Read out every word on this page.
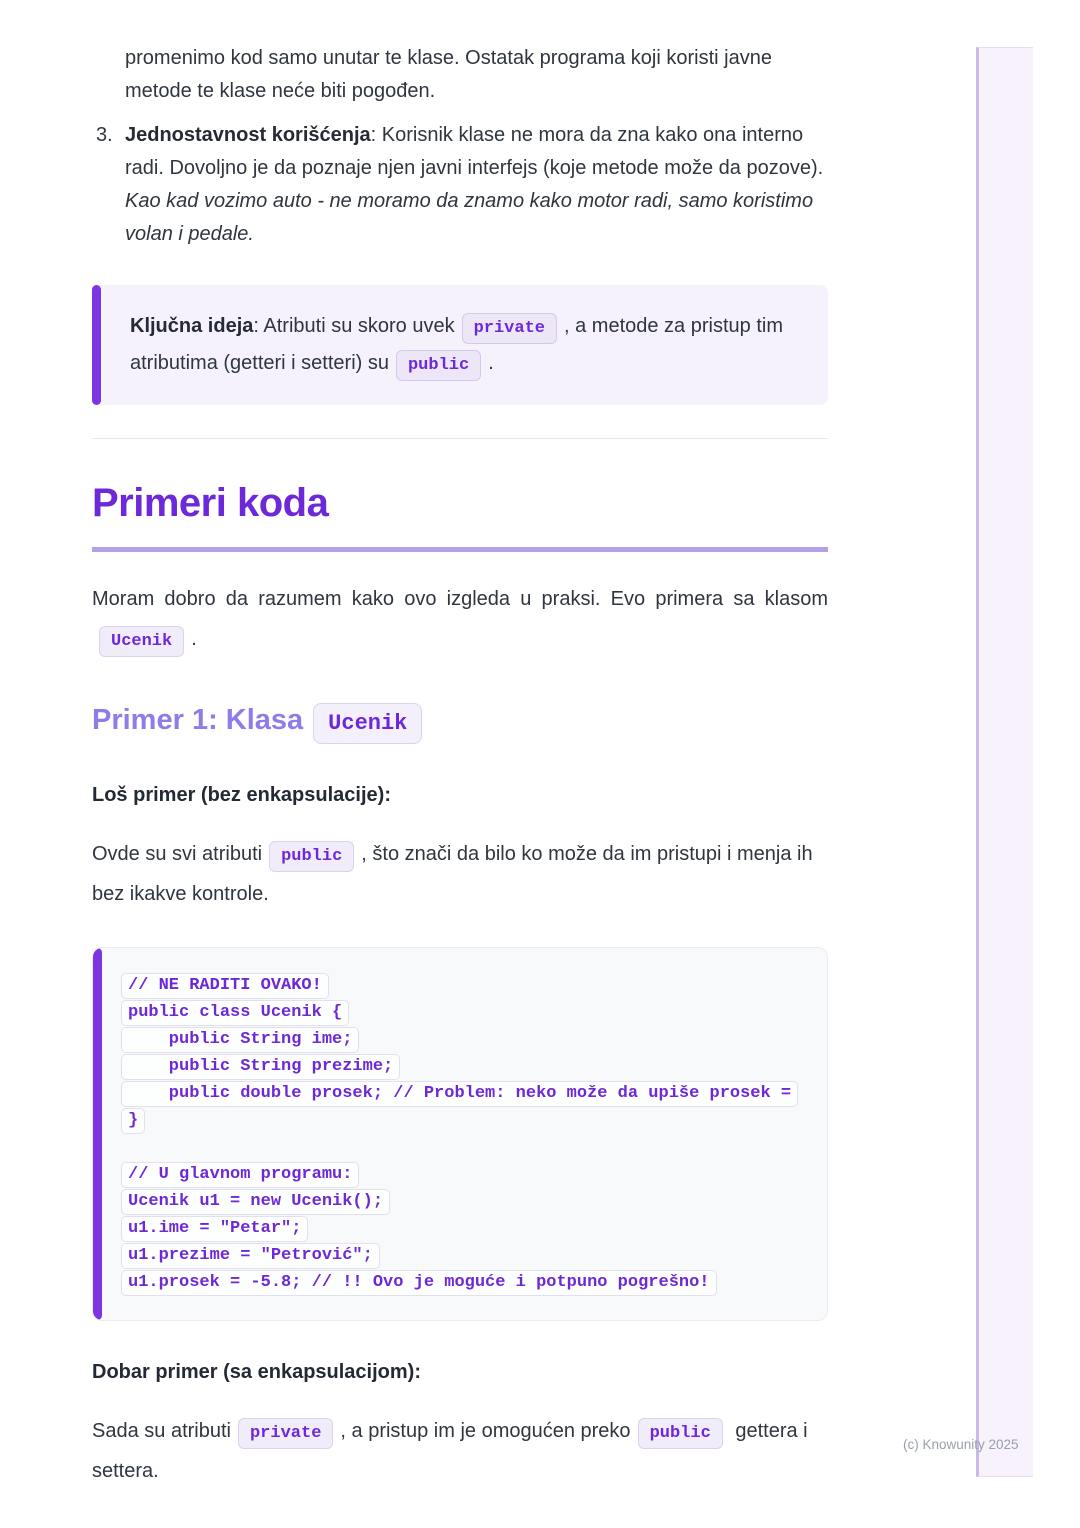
promenimo kod samo unutar te klase. Ostatak programa koji koristi javne metode te klase neće biti pogođen.

3. Jednostavnost korišćenja: Korisnik klase ne mora da zna kako ona interno radi. Dovoljno je da poznaje njen javni interfejs (koje metode može da pozove). Kao kad vozimo auto - ne moramo da znamo kako motor radi, samo koristimo volan i pedale.

Ključna ideja: Atributi su skoro uvek private , a metode za pristup tim atributima (getteri i setteri) su public .

Primeri koda

Moram dobro da razumem kako ovo izgleda u praksi. Evo primera sa klasomUcenik .

Primer 1: Klasa Ucenik

Loš primer (bez enkapsulacije):

Ovde su svi atributi public , što znači da bilo ko može da im pristupi i menja ih bez ikakve kontrole.

// NE RADITI OVAKO!
public class Ucenik {
public String ime;
public String prezime;
public double prosek; // Problem: neko može da upiše prosek =
}
// U glavnom programu:
Ucenik u1 = new Ucenik();
u1.ime = "Petar";
u1.prezime = "Petrović";
u1.prosek = -5.8; // !! Ovo je moguće i potpuno pogrešno!

Dobar primer (sa enkapsulacijom):

Sada su atributi private , a pristup im je omogućen preko public gettera i settera.

(c) Knowunity 2025
